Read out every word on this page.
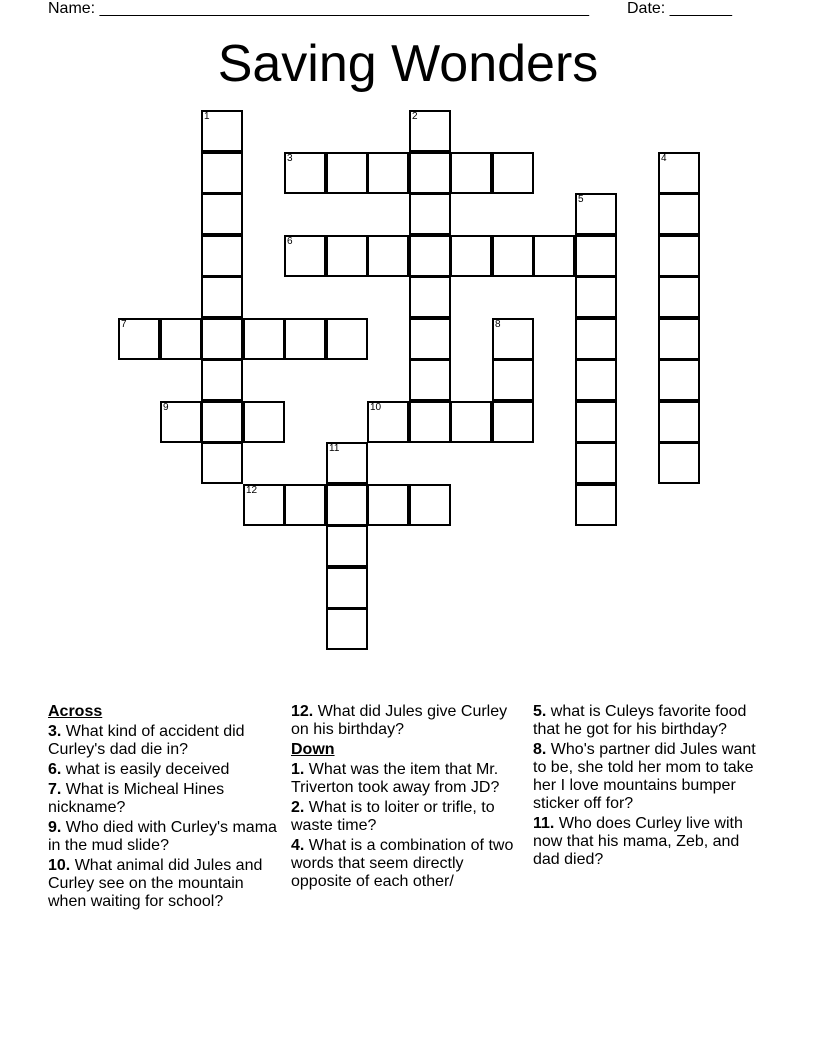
Name: _______________________________________________________ Date: _______
Saving Wonders
1	2
3	4
5
6
7	8
9	10
11
12
Across
3. What kind of accident did Curley's dad die in?
6. what is easily deceived
7. What is Micheal Hines nickname?
9. Who died with Curley's mama in the mud slide?
10. What animal did Jules and Curley see on the mountain when waiting for school?
12. What did Jules give Curley on his birthday?
Down
1. What was the item that Mr. Triverton took away from JD?
2. What is to loiter or trifle, to waste time?
4. What is a combination of two words that seem directly opposite of each other/
5. what is Culeys favorite food that he got for his birthday?
8. Who's partner did Jules want to be, she told her mom to take her I love mountains bumper sticker off for?
11. Who does Curley live with now that his mama, Zeb, and dad died?
